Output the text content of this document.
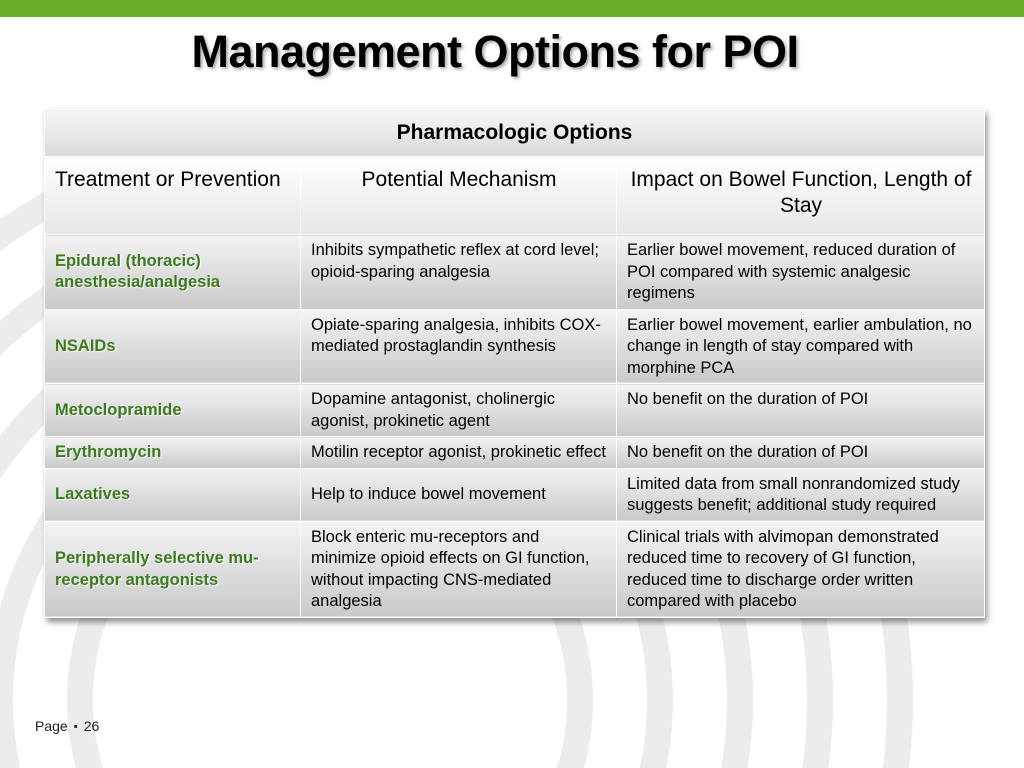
Management Options for POI
Pharmacologic Options		
Treatment or Prevention	Potential Mechanism	Impact on Bowel Function, Length of Stay

Epidural (thoracic) anesthesia/analgesia	Inhibits sympathetic reflex at cord level; opioid-sparing analgesia	Earlier bowel movement, reduced duration of POI compared with systemic analgesic regimens

NSAIDs	Opiate-sparing analgesia, inhibits COX-mediated prostaglandin synthesis	Earlier bowel movement, earlier ambulation, no change in length of stay compared with morphine PCA

Metoclopramide	Dopamine antagonist, cholinergic agonist, prokinetic agent	No benefit on the duration of POI

Erythromycin	Motilin receptor agonist, prokinetic effect	No benefit on the duration of POI

Laxatives	Help to induce bowel movement	Limited data from small nonrandomized study suggests benefit; additional study required

Peripherally selective mu-receptor antagonists	Block enteric mu-receptors and minimize opioid effects on GI function, without impacting CNS-mediated analgesia	Clinical trials with alvimopan demonstrated reduced time to recovery of GI function, reduced time to discharge order written compared with placebo
Page ▪ 26
